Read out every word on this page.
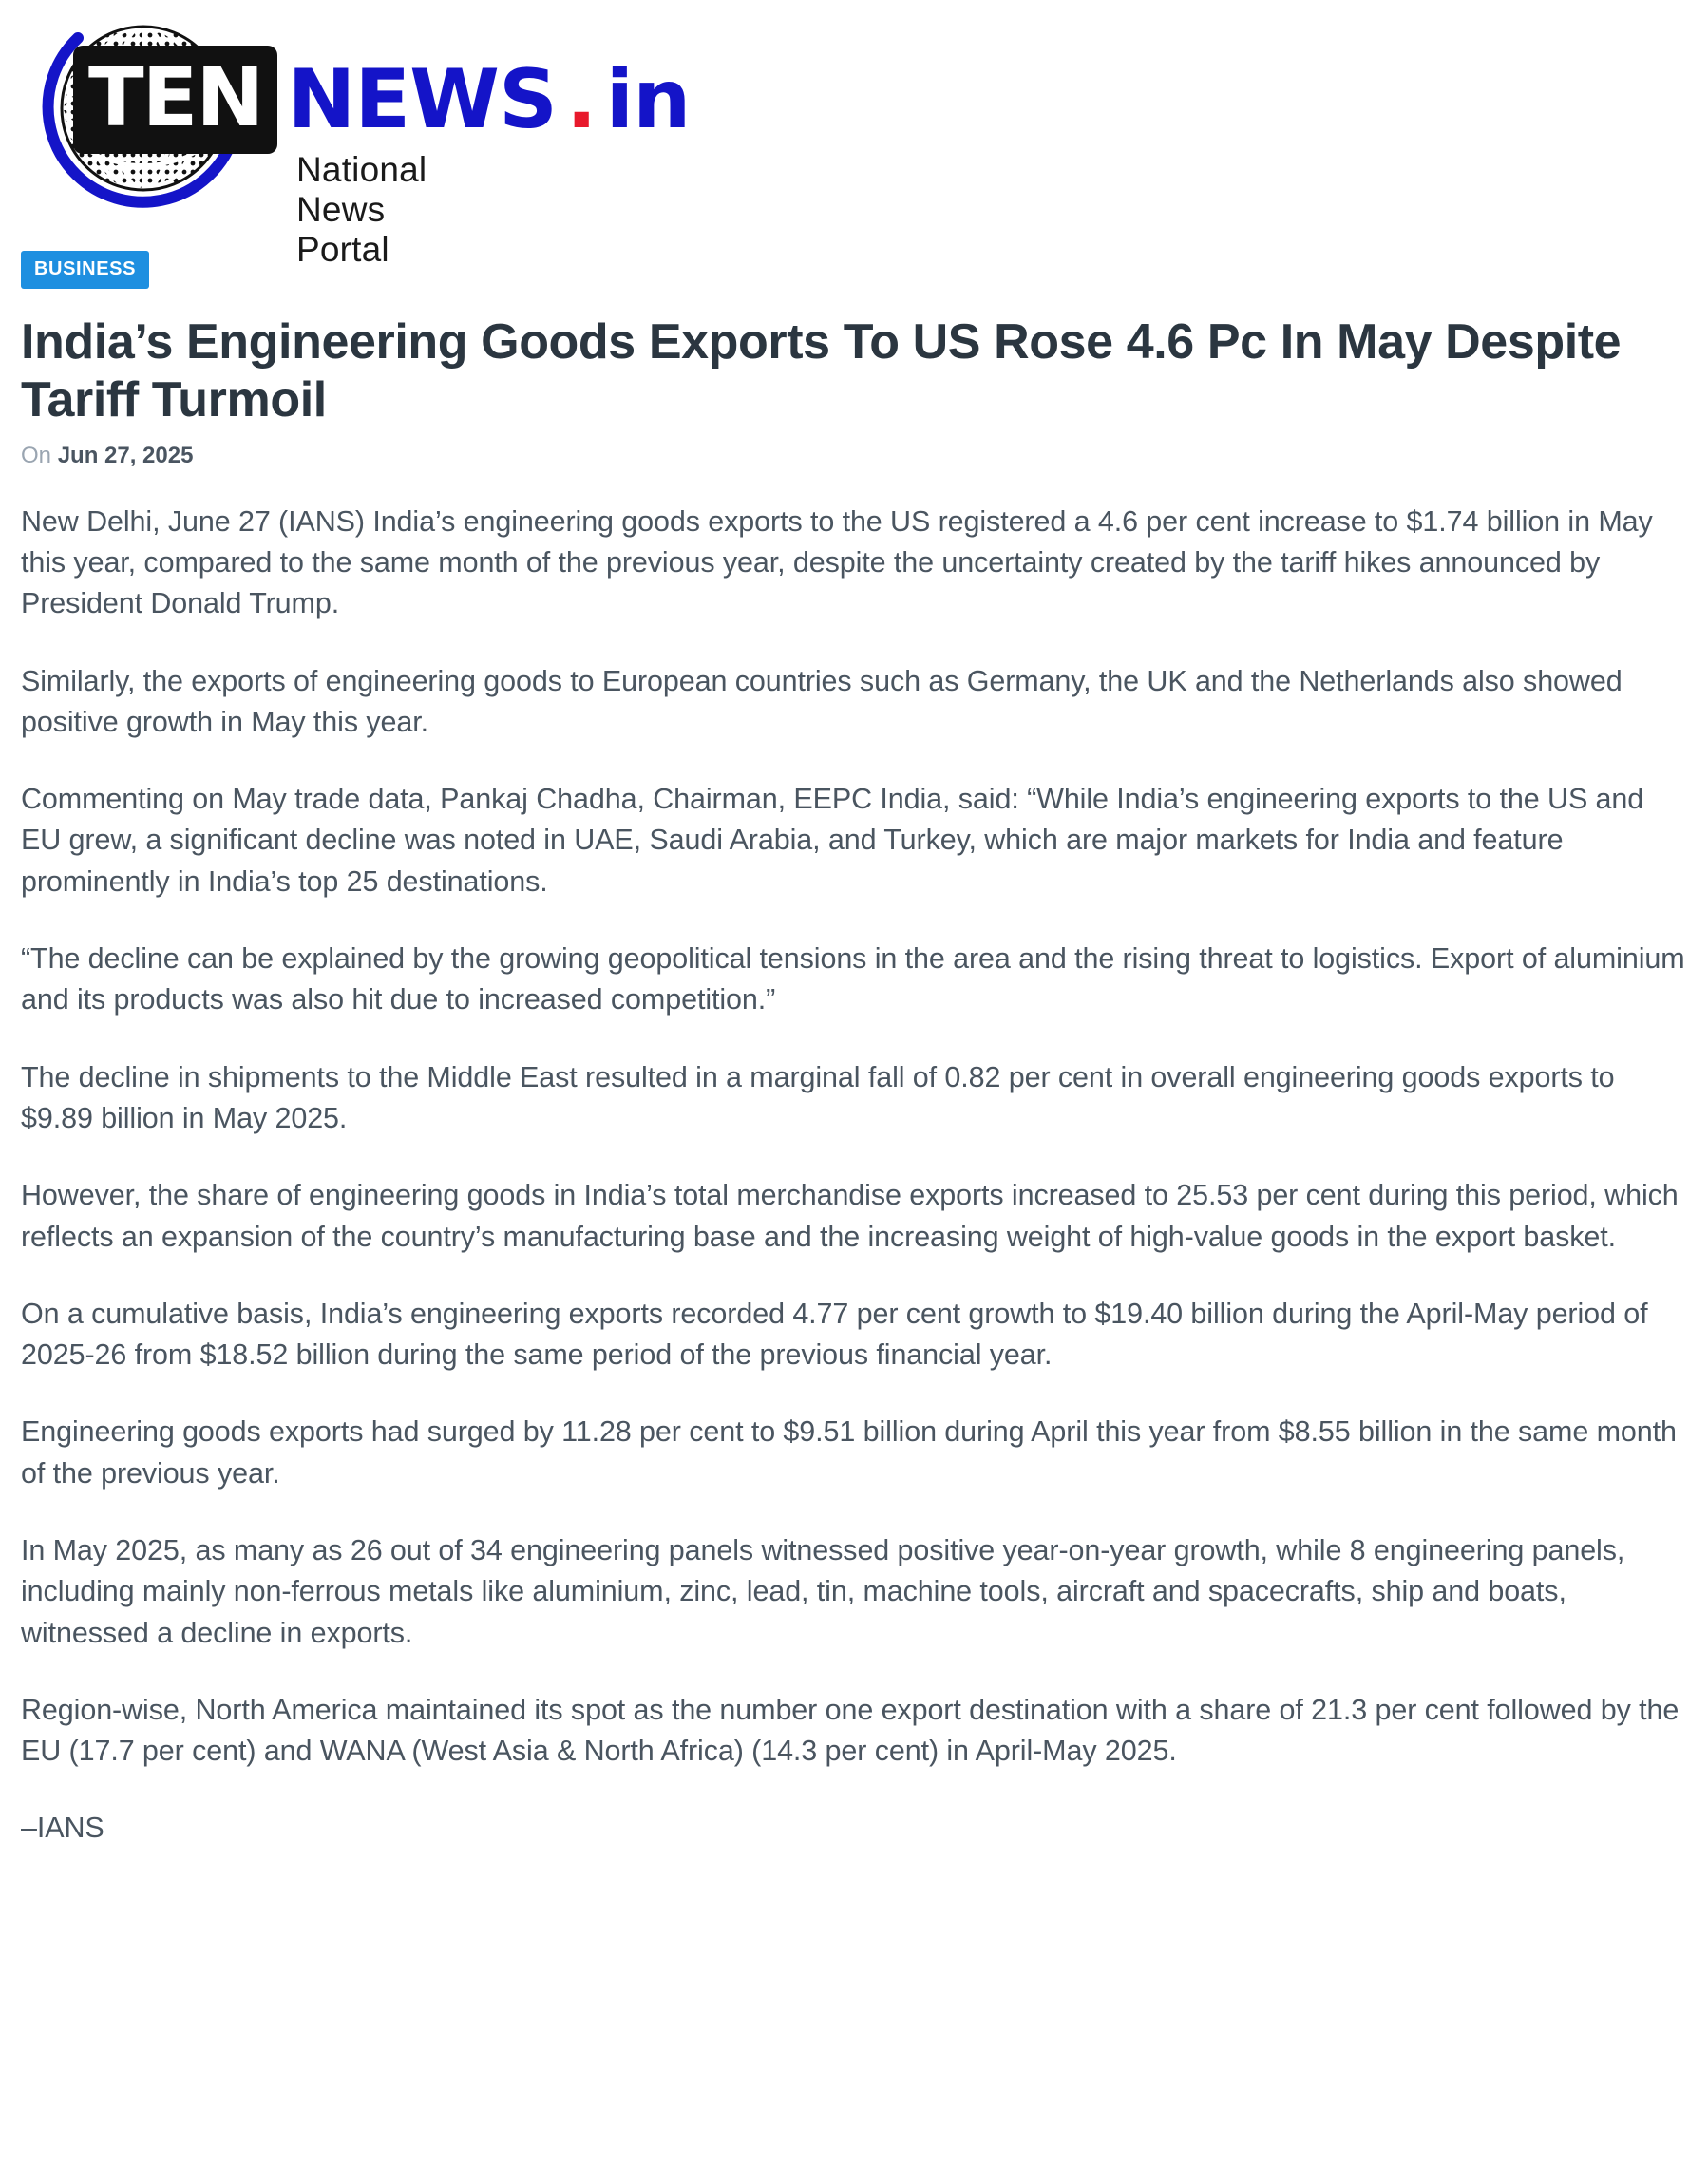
TEN NEWS . in
National News Portal
BUSINESS
India’s Engineering Goods Exports To US Rose 4.6 Pc In May Despite Tariff Turmoil
On Jun 27, 2025

New Delhi, June 27 (IANS) India’s engineering goods exports to the US registered a 4.6 per cent increase to $1.74 billion in May this year, compared to the same month of the previous year, despite the uncertainty created by the tariff hikes announced by President Donald Trump.

Similarly, the exports of engineering goods to European countries such as Germany, the UK and the Netherlands also showed positive growth in May this year.

Commenting on May trade data, Pankaj Chadha, Chairman, EEPC India, said: “While India’s engineering exports to the US and EU grew, a significant decline was noted in UAE, Saudi Arabia, and Turkey, which are major markets for India and feature prominently in India’s top 25 destinations.

“The decline can be explained by the growing geopolitical tensions in the area and the rising threat to logistics. Export of aluminium and its products was also hit due to increased competition.”

The decline in shipments to the Middle East resulted in a marginal fall of 0.82 per cent in overall engineering goods exports to $9.89 billion in May 2025.

However, the share of engineering goods in India’s total merchandise exports increased to 25.53 per cent during this period, which reflects an expansion of the country’s manufacturing base and the increasing weight of high-value goods in the export basket.

On a cumulative basis, India’s engineering exports recorded 4.77 per cent growth to $19.40 billion during the April-May period of 2025-26 from $18.52 billion during the same period of the previous financial year.

Engineering goods exports had surged by 11.28 per cent to $9.51 billion during April this year from $8.55 billion in the same month of the previous year.

In May 2025, as many as 26 out of 34 engineering panels witnessed positive year-on-year growth, while 8 engineering panels, including mainly non-ferrous metals like aluminium, zinc, lead, tin, machine tools, aircraft and spacecrafts, ship and boats, witnessed a decline in exports.

Region-wise, North America maintained its spot as the number one export destination with a share of 21.3 per cent followed by the EU (17.7 per cent) and WANA (West Asia & North Africa) (14.3 per cent) in April-May 2025.

–IANS
